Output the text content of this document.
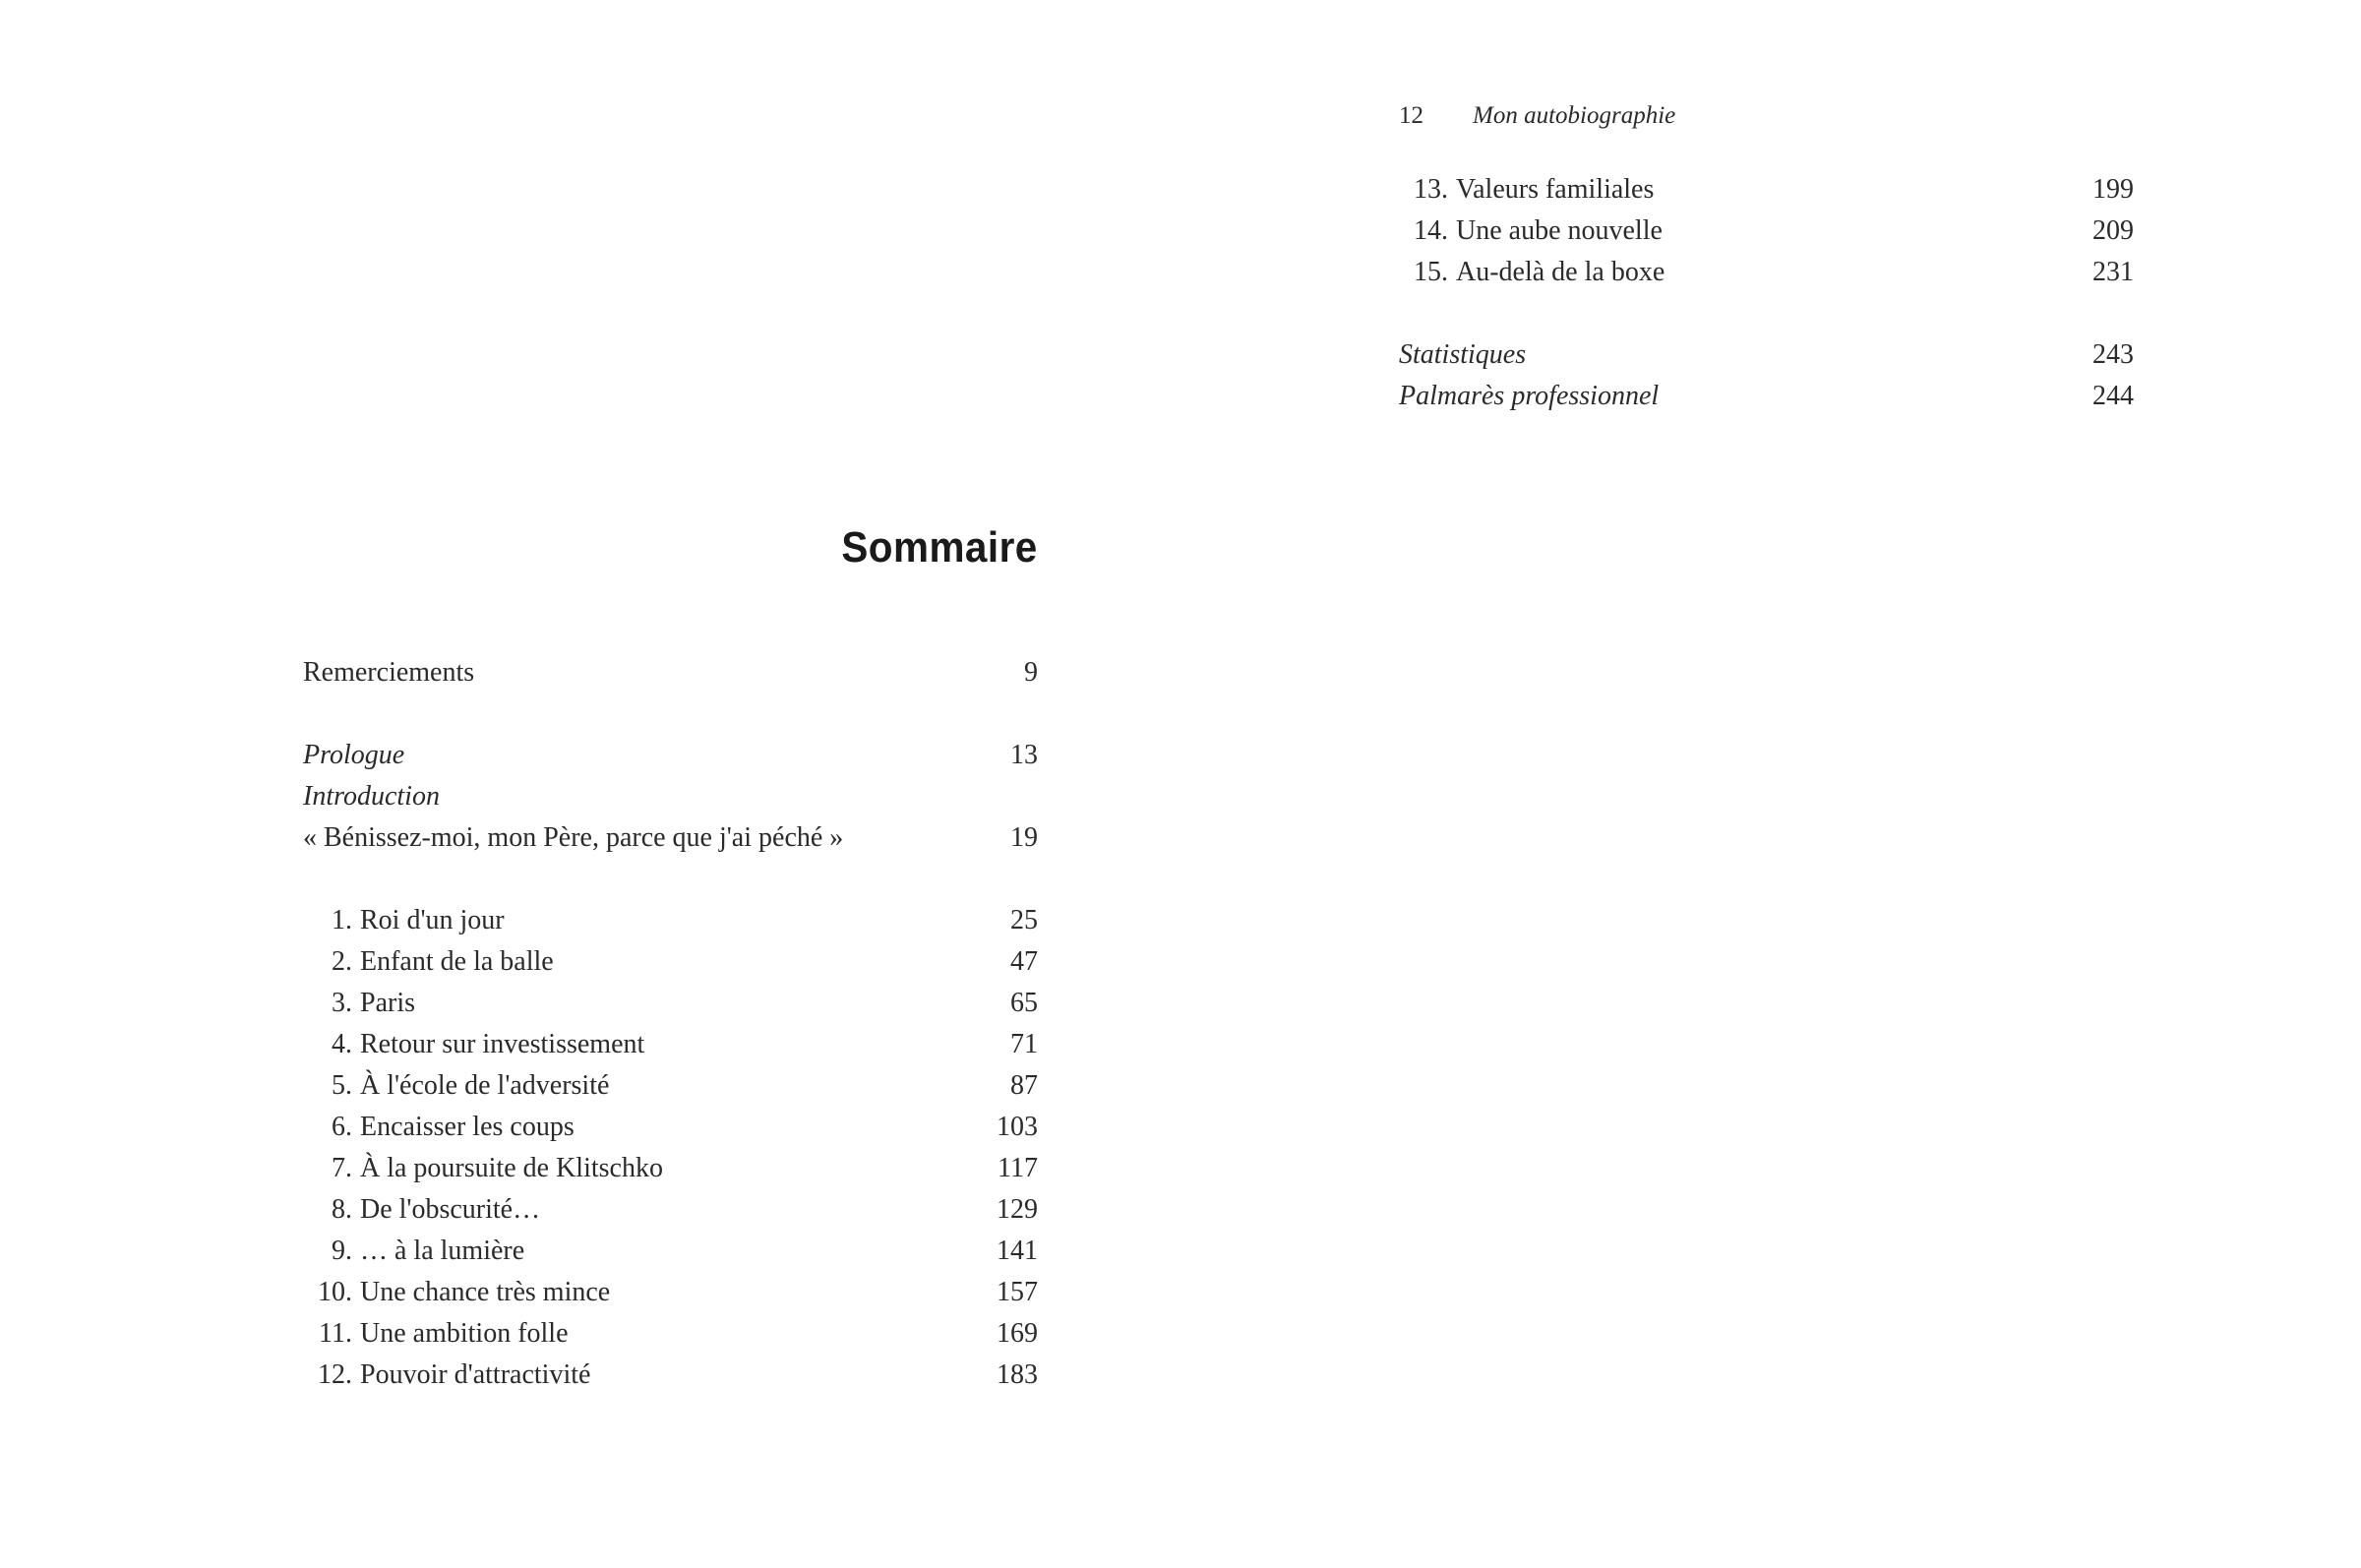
Sommaire
Remerciements	9
Prologue	13
Introduction
« Bénissez-moi, mon Père, parce que j'ai péché »	19
1. Roi d'un jour	25
2. Enfant de la balle	47
3. Paris	65
4. Retour sur investissement	71
5. À l'école de l'adversité	87
6. Encaisser les coups	103
7. À la poursuite de Klitschko	117
8. De l'obscurité…	129
9. … à la lumière	141
10. Une chance très mince	157
11. Une ambition folle	169
12. Pouvoir d'attractivité	183
12 Mon autobiographie
13. Valeurs familiales	199
14. Une aube nouvelle	209
15. Au-delà de la boxe	231
Statistiques	243
Palmarès professionnel	244
